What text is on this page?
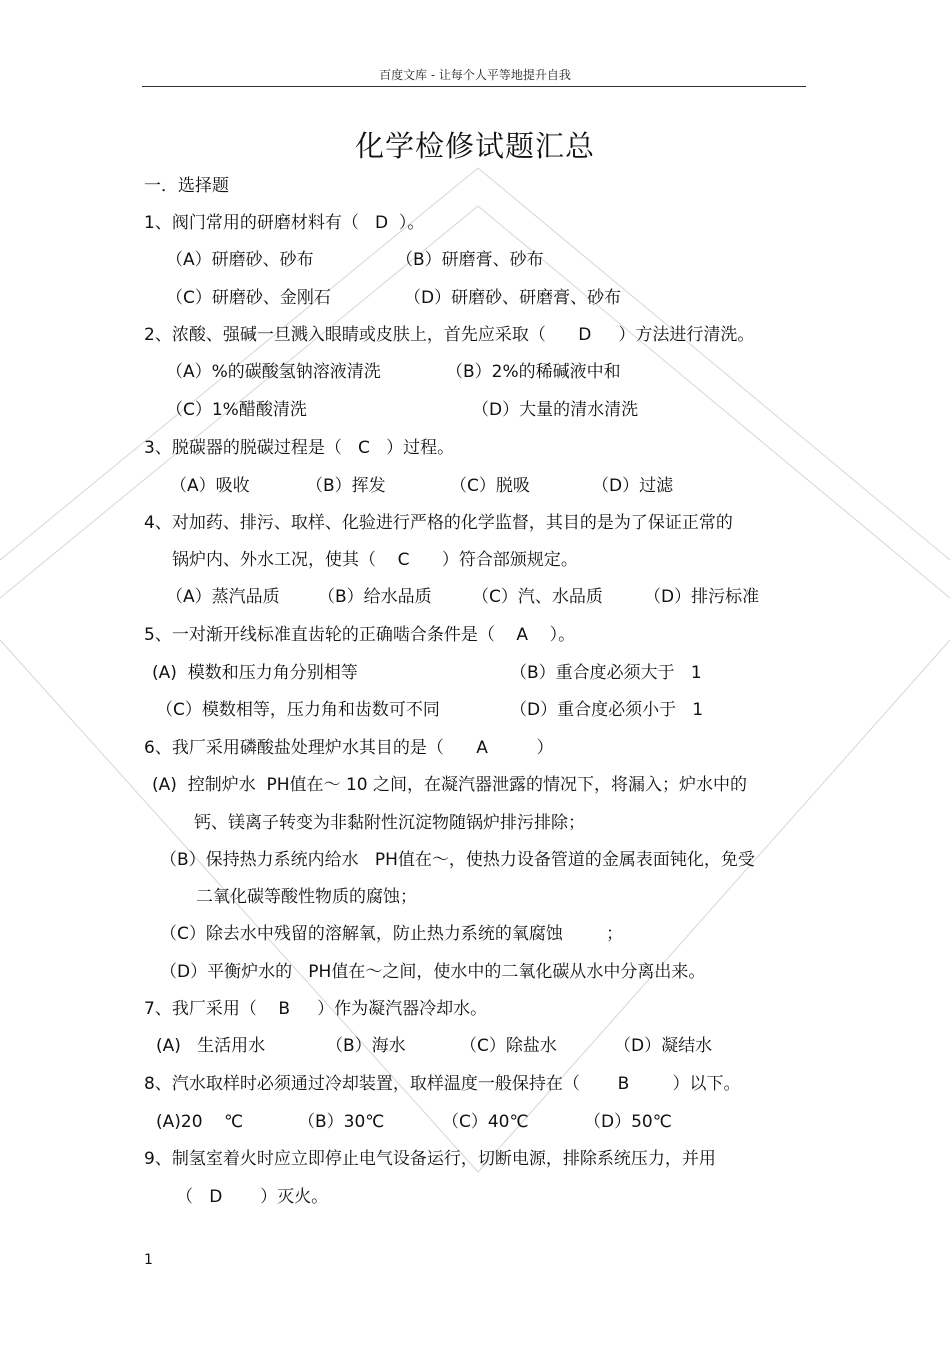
百度文库 - 让每个人平等地提升自我
化学检修试题汇总
一．选择题
1、阀门常用的研磨材料有（   D  ）。
（A）研磨砂、砂布	（B）研磨膏、砂布
（C）研磨砂、金刚石	（D）研磨砂、研磨膏、砂布
2、浓酸、强碱一旦溅入眼睛或皮肤上，首先应采取（      D     ）方法进行清洗。
（A）%的碳酸氢钠溶液清洗	（B）2%的稀碱液中和
（C）1%醋酸清洗	（D）大量的清水清洗
3、脱碳器的脱碳过程是（   C   ）过程。
（A）吸收	（B）挥发	（C）脱吸	（D）过滤
4、对加药、排污、取样、化验进行严格的化学监督，其目的是为了保证正常的
锅炉内、外水工况，使其（    C      ）符合部颁规定。
（A）蒸汽品质 （B）给水品质 （C）汽、水品质 （D）排污标准
5、一对渐开线标准直齿轮的正确啮合条件是（    A    ）。
(A)  模数和压力角分别相等	（B）重合度必须大于   1
（C）模数相等，压力角和齿数可不同	（D）重合度必须小于   1
6、我厂采用磷酸盐处理炉水其目的是（      A         ）
(A)  控制炉水  PH值在～ 10 之间，在凝汽器泄露的情况下，将漏入；炉水中的
钙、镁离子转变为非黏附性沉淀物随锅炉排污排除；
（B）保持热力系统内给水   PH值在～，使热力设备管道的金属表面钝化，免受
二氧化碳等酸性物质的腐蚀；
（C）除去水中残留的溶解氧，防止热力系统的氧腐蚀        ；
（D）平衡炉水的   PH值在～之间，使水中的二氧化碳从水中分离出来。
7、我厂采用（    B     ）作为凝汽器冷却水。
(A)   生活用水	（B）海水	（C）除盐水	（D）凝结水
8、汽水取样时必须通过冷却装置，取样温度一般保持在（       B        ）以下。
(A)20    ℃	（B）30℃	（C）40℃	（D）50℃
9、制氢室着火时应立即停止电气设备运行，切断电源，排除系统压力，并用
（   D       ）灭火。
1
